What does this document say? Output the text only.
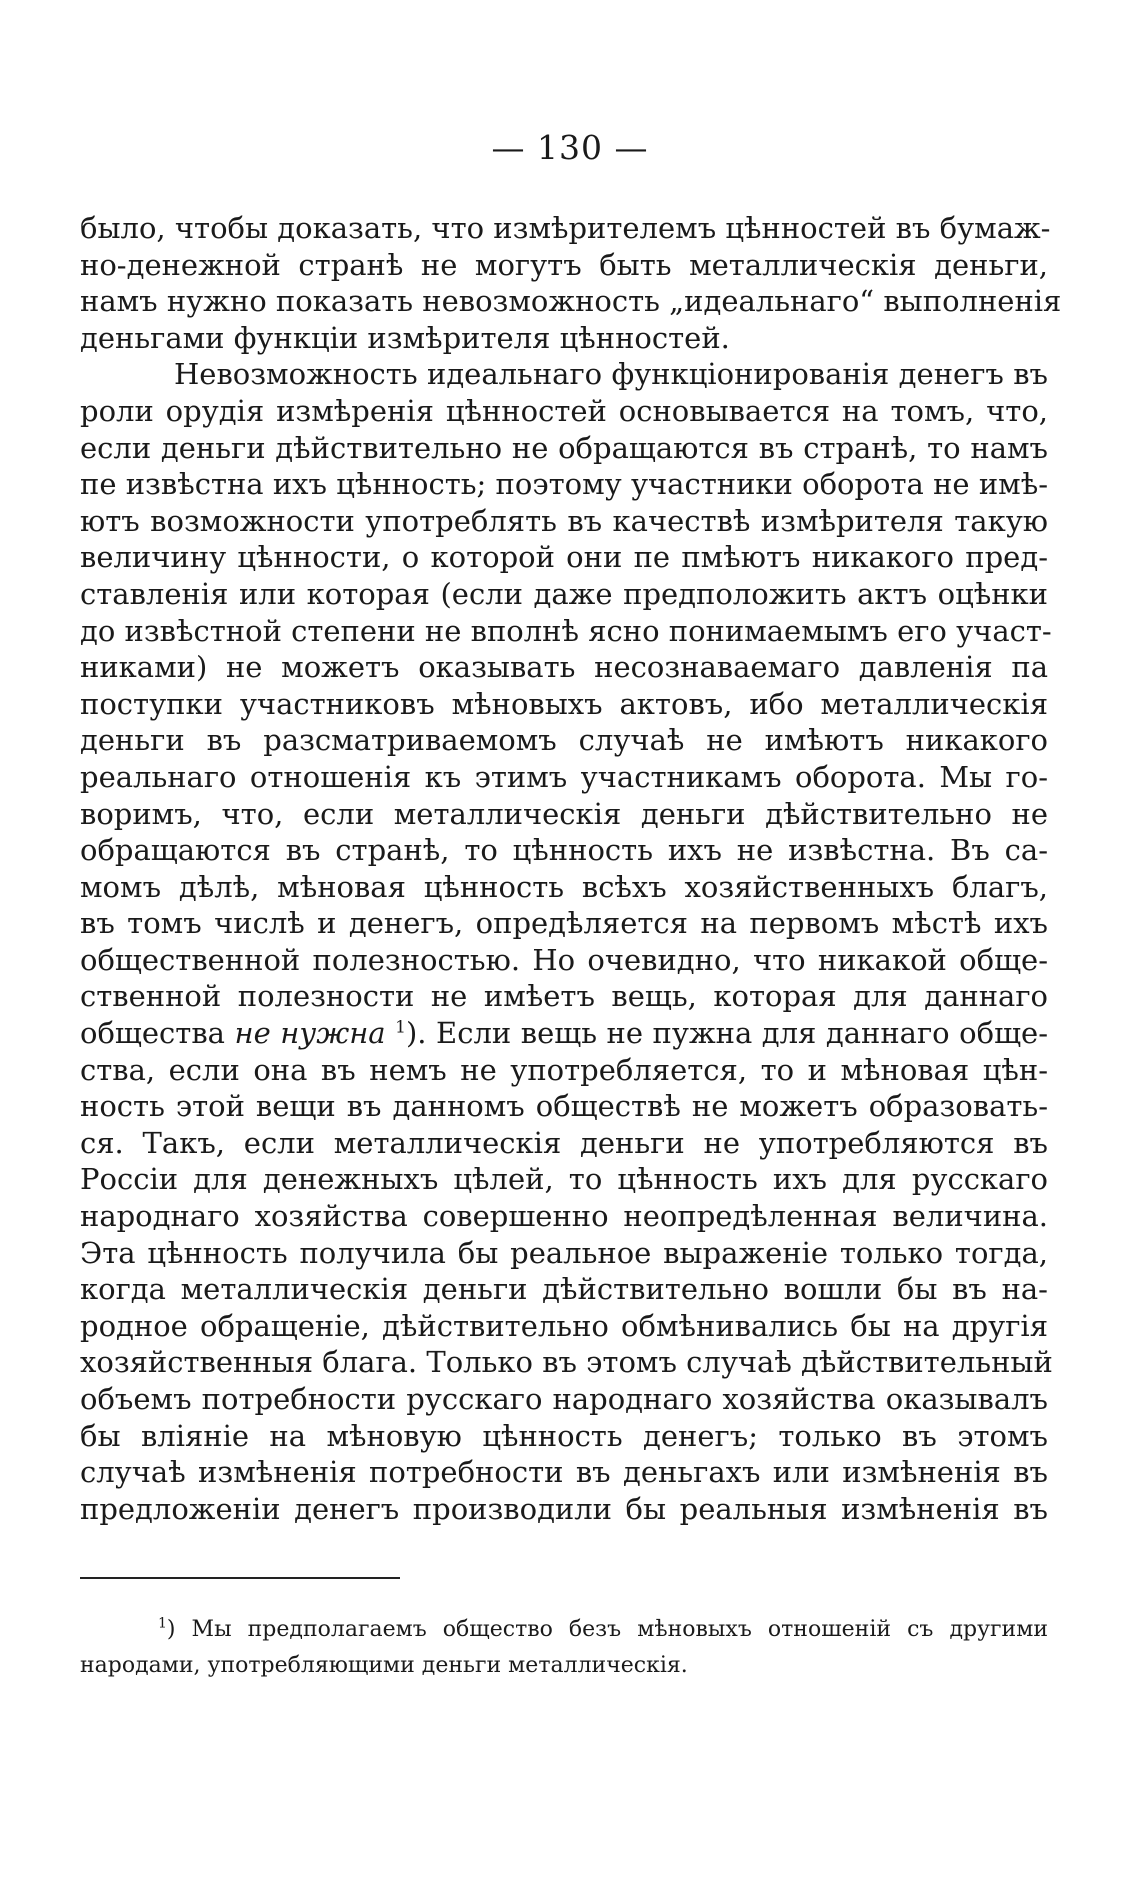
— 130 —
было, чтобы доказать, что измѣрителемъ цѣнностей въ бумаж-
но-денежной странѣ не могутъ быть металлическія деньги,
намъ нужно показать невозможность „идеальнаго“ выполненія
деньгами функціи измѣрителя цѣнностей.
Невозможность идеальнаго функціонированія денегъ въ
роли орудія измѣренія цѣнностей основывается на томъ, что,
если деньги дѣйствительно не обращаются въ странѣ, то намъ
пе извѣстна ихъ цѣнность; поэтому участники оборота не имѣ-
ютъ возможности употреблять въ качествѣ измѣрителя такую
величину цѣнности, о которой они пе пмѣютъ никакого пред-
ставленія или которая (если даже предположить актъ оцѣнки
до извѣстной степени не вполнѣ ясно понимаемымъ его участ-
никами) не можетъ оказывать несознаваемаго давленія па
поступки участниковъ мѣновыхъ актовъ, ибо металлическія
деньги въ разсматриваемомъ случаѣ не имѣютъ никакого
реальнаго отношенія къ этимъ участникамъ оборота. Мы го-
воримъ, что, если металлическія деньги дѣйствительно не
обращаются въ странѣ, то цѣнность ихъ не извѣстна. Въ са-
момъ дѣлѣ, мѣновая цѣнность всѣхъ хозяйственныхъ благъ,
въ томъ числѣ и денегъ, опредѣляется на первомъ мѣстѣ ихъ
общественной полезностью. Но очевидно, что никакой обще-
ственной полезности не имѣетъ вещь, которая для даннаго
общества не нужна $^1$). Если вещь не пужна для даннаго обще-
ства, если она въ немъ не употребляется, то и мѣновая цѣн-
ность этой вещи въ данномъ обществѣ не можетъ образовать-
ся. Такъ, если металлическія деньги не употребляются въ
Россіи для денежныхъ цѣлей, то цѣнность ихъ для русскаго
народнаго хозяйства совершенно неопредѣленная величина.
Эта цѣнность получила бы реальное выраженіе только тогда,
когда металлическія деньги дѣйствительно вошли бы въ на-
родное обращеніе, дѣйствительно обмѣнивались бы на другія
хозяйственныя блага. Только въ этомъ случаѣ дѣйствительный
объемъ потребности русскаго народнаго хозяйства оказывалъ
бы вліяніе на мѣновую цѣнность денегъ; только въ этомъ
случаѣ измѣненія потребности въ деньгахъ или измѣненія въ
предложеніи денегъ производили бы реальныя измѣненія въ
$^1$) Мы предполагаемъ общество безъ мѣновыхъ отношеній съ другими
народами, употребляющими деньги металлическія.
